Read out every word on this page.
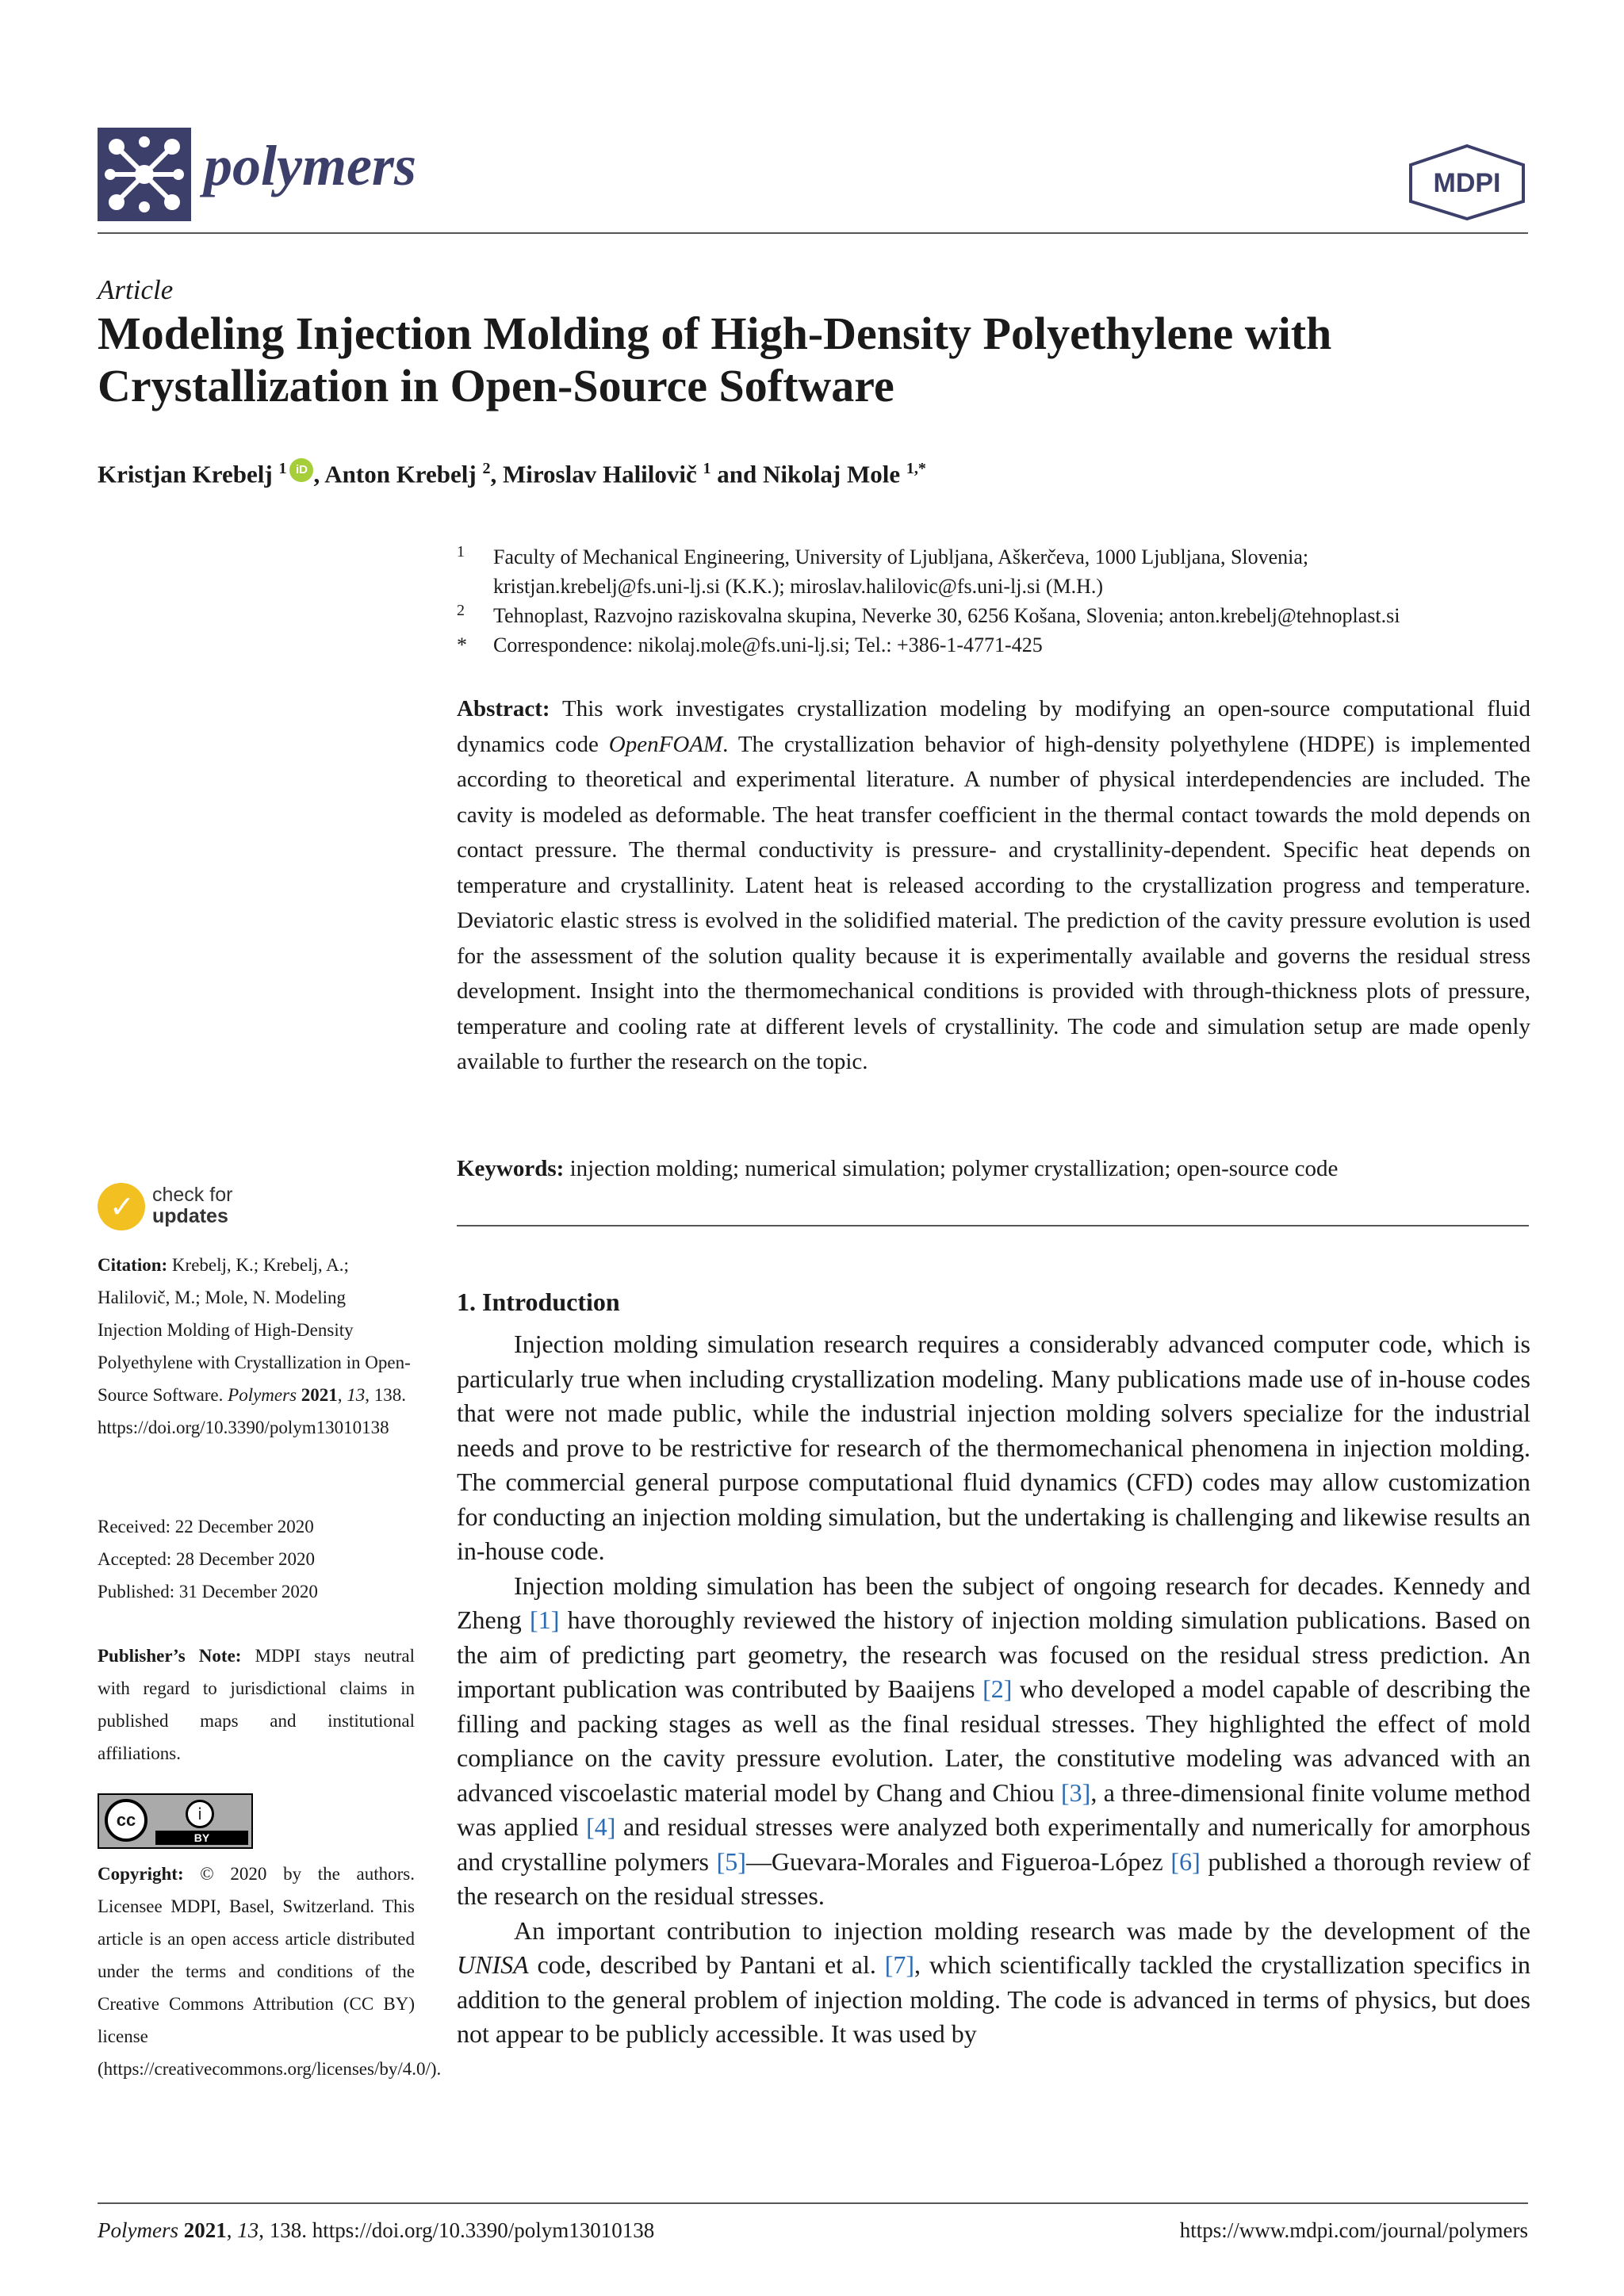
polymers	MDPI
Article
Modeling Injection Molding of High-Density Polyethylene with Crystallization in Open-Source Software
Kristjan Krebelj $^1$ iD , Anton Krebelj $^2$, Miroslav Halilovič $^1$ and Nikolaj Mole $^{1,*}$
1 Faculty of Mechanical Engineering, University of Ljubljana, Aškerčeva, 1000 Ljubljana, Slovenia;
kristjan.krebelj@fs.uni-lj.si (K.K.); miroslav.halilovic@fs.uni-lj.si (M.H.)
2 Tehnoplast, Razvojno raziskovalna skupina, Neverke 30, 6256 Košana, Slovenia; anton.krebelj@tehnoplast.si
* Correspondence: nikolaj.mole@fs.uni-lj.si; Tel.: +386-1-4771-425
Abstract: This work investigates crystallization modeling by modifying an open-source computational fluid dynamics code OpenFOAM. The crystallization behavior of high-density polyethylene (HDPE) is implemented according to theoretical and experimental literature. A number of physical interdependencies are included. The cavity is modeled as deformable. The heat transfer coefficient in the thermal contact towards the mold depends on contact pressure. The thermal conductivity is pressure- and crystallinity-dependent. Specific heat depends on temperature and crystallinity. Latent heat is released according to the crystallization progress and temperature. Deviatoric elastic stress is evolved in the solidified material. The prediction of the cavity pressure evolution is used for the assessment of the solution quality because it is experimentally available and governs the residual stress development. Insight into the thermomechanical conditions is provided with through-thickness plots of pressure, temperature and cooling rate at different levels of crystallinity. The code and simulation setup are made openly available to further the research on the topic.
Keywords: injection molding; numerical simulation; polymer crystallization; open-source code
1. Introduction

Injection molding simulation research requires a considerably advanced computer code, which is particularly true when including crystallization modeling. Many publications made use of in-house codes that were not made public, while the industrial injection molding solvers specialize for the industrial needs and prove to be restrictive for research of the thermomechanical phenomena in injection molding. The commercial general purpose computational fluid dynamics (CFD) codes may allow customization for conducting an injection molding simulation, but the undertaking is challenging and likewise results an in-house code.

Injection molding simulation has been the subject of ongoing research for decades. Kennedy and Zheng [1] have thoroughly reviewed the history of injection molding simulation publications. Based on the aim of predicting part geometry, the research was focused on the residual stress prediction. An important publication was contributed by Baaijens [2] who developed a model capable of describing the filling and packing stages as well as the final residual stresses. They highlighted the effect of mold compliance on the cavity pressure evolution. Later, the constitutive modeling was advanced with an advanced viscoelastic material model by Chang and Chiou [3], a three-dimensional finite volume method was applied [4] and residual stresses were analyzed both experimentally and numerically for amorphous and crystalline polymers [5]—Guevara-Morales and Figueroa-López [6] published a thorough review of the research on the residual stresses.

An important contribution to injection molding research was made by the development of the UNISA code, described by Pantani et al. [7], which scientifically tackled the crystallization specifics in addition to the general problem of injection molding. The code is advanced in terms of physics, but does not appear to be publicly accessible. It was used by

✓ check for
updates
Citation: Krebelj, K.; Krebelj, A.; Halilovič, M.; Mole, N. Modeling Injection Molding of High-Density Polyethylene with Crystallization in Open-Source Software. Polymers 2021, 13, 138. https://doi.org/10.3390/polym13010138
Received: 22 December 2020
Accepted: 28 December 2020
Published: 31 December 2020
Publisher’s Note: MDPI stays neutral with regard to jurisdictional claims in published maps and institutional affiliations.
cc	i
BY
Copyright: © 2020 by the authors. Licensee MDPI, Basel, Switzerland. This article is an open access article distributed under the terms and conditions of the Creative Commons Attribution (CC BY) license (https://creativecommons.org/licenses/by/4.0/).
Polymers 2021, 13, 138. https://doi.org/10.3390/polym13010138	https://www.mdpi.com/journal/polymers
